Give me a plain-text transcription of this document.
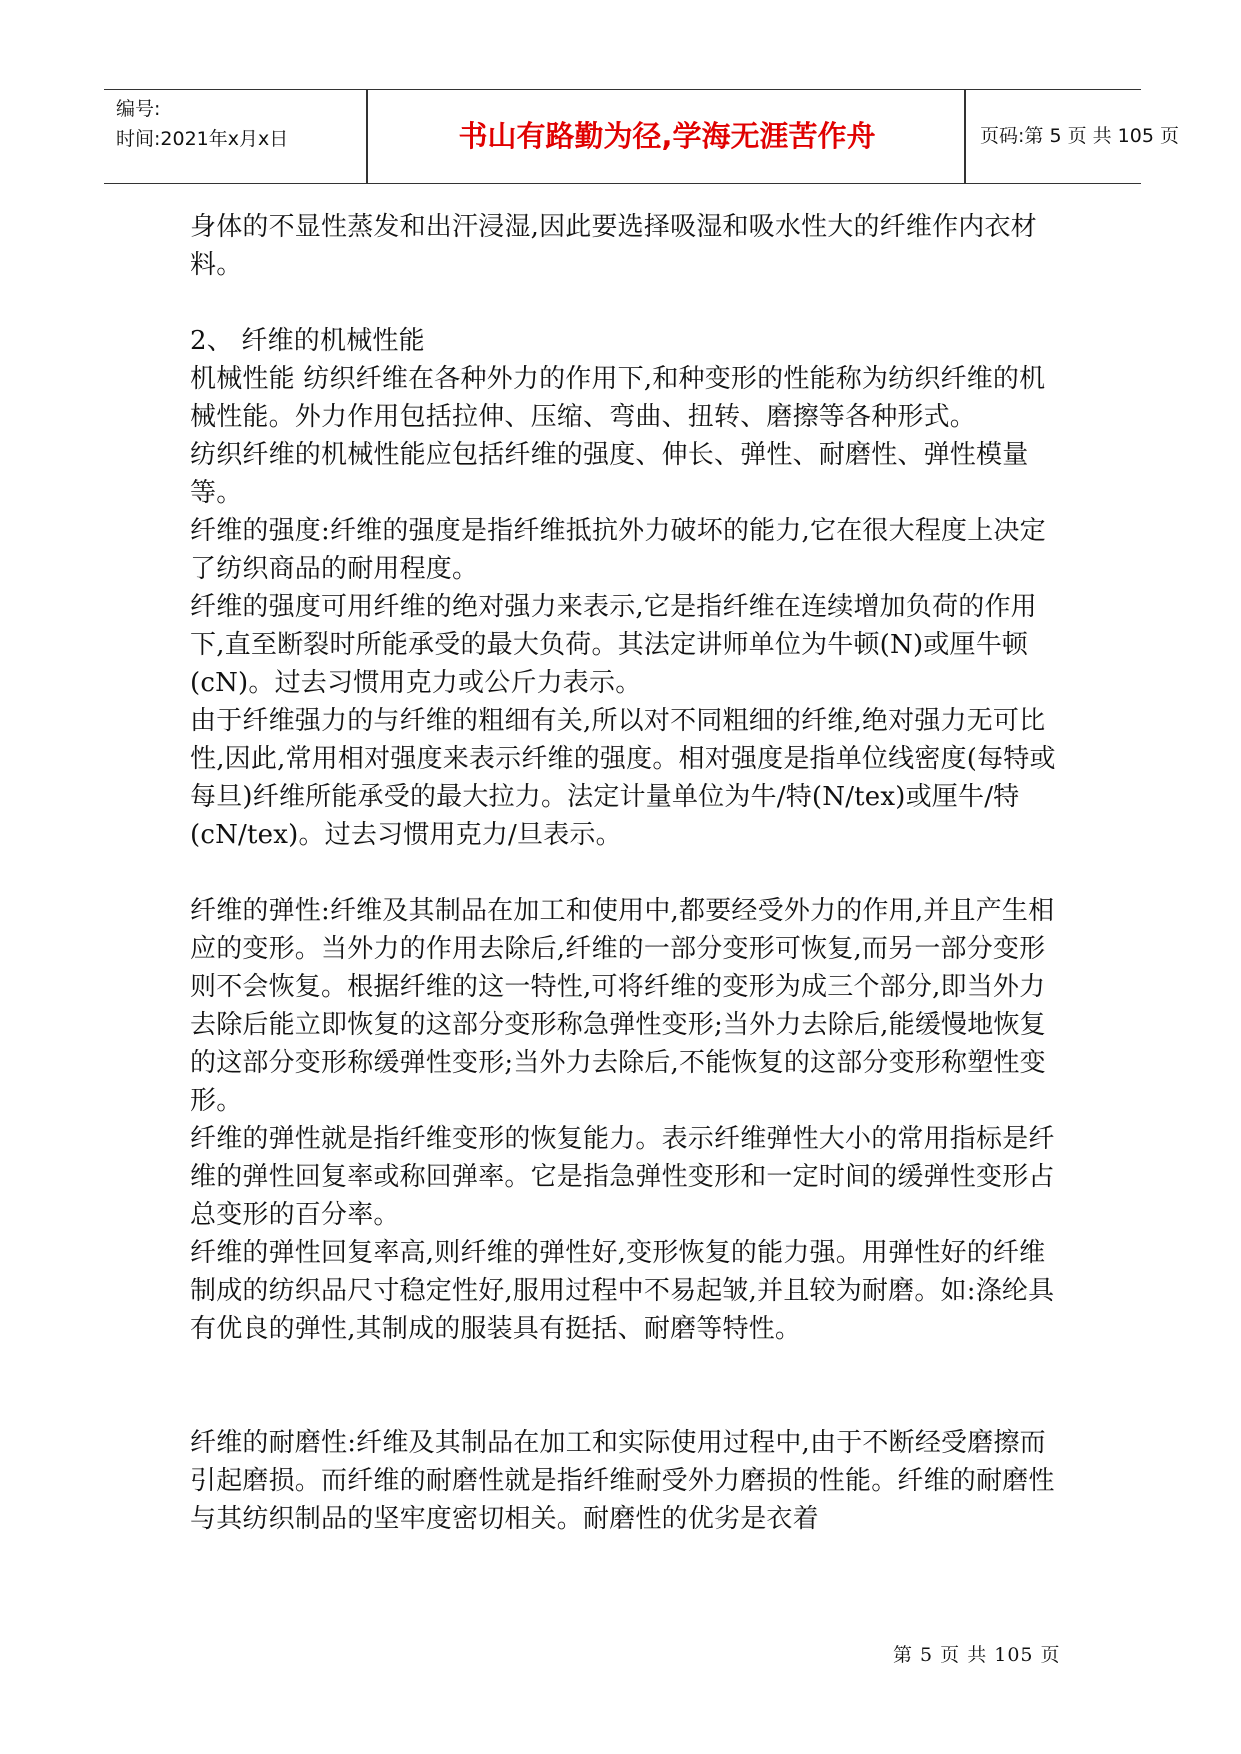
编号:
时间:2021年x月x日	书山有路勤为径,学海无涯苦作舟	页码:第 5 页 共 105 页

身体的不显性蒸发和出汗浸湿,因此要选择吸湿和吸水性大的纤维作内衣材料。

2、 纤维的机械性能

机械性能 纺织纤维在各种外力的作用下,和种变形的性能称为纺织纤维的机械性能。外力作用包括拉伸、压缩、弯曲、扭转、磨擦等各种形式。

纺织纤维的机械性能应包括纤维的强度、伸长、弹性、耐磨性、弹性模量等。

纤维的强度:纤维的强度是指纤维抵抗外力破坏的能力,它在很大程度上决定了纺织商品的耐用程度。

纤维的强度可用纤维的绝对强力来表示,它是指纤维在连续增加负荷的作用下,直至断裂时所能承受的最大负荷。其法定讲师单位为牛顿(N)或厘牛顿(cN)。过去习惯用克力或公斤力表示。

由于纤维强力的与纤维的粗细有关,所以对不同粗细的纤维,绝对强力无可比性,因此,常用相对强度来表示纤维的强度。相对强度是指单位线密度(每特或每旦)纤维所能承受的最大拉力。法定计量单位为牛/特(N/tex)或厘牛/特(cN/tex)。过去习惯用克力/旦表示。

纤维的弹性:纤维及其制品在加工和使用中,都要经受外力的作用,并且产生相应的变形。当外力的作用去除后,纤维的一部分变形可恢复,而另一部分变形则不会恢复。根据纤维的这一特性,可将纤维的变形为成三个部分,即当外力去除后能立即恢复的这部分变形称急弹性变形;当外力去除后,能缓慢地恢复的这部分变形称缓弹性变形;当外力去除后,不能恢复的这部分变形称塑性变形。

纤维的弹性就是指纤维变形的恢复能力。表示纤维弹性大小的常用指标是纤维的弹性回复率或称回弹率。它是指急弹性变形和一定时间的缓弹性变形占总变形的百分率。

纤维的弹性回复率高,则纤维的弹性好,变形恢复的能力强。用弹性好的纤维制成的纺织品尺寸稳定性好,服用过程中不易起皱,并且较为耐磨。如:涤纶具有优良的弹性,其制成的服装具有挺括、耐磨等特性。

纤维的耐磨性:纤维及其制品在加工和实际使用过程中,由于不断经受磨擦而引起磨损。而纤维的耐磨性就是指纤维耐受外力磨损的性能。纤维的耐磨性与其纺织制品的坚牢度密切相关。耐磨性的优劣是衣着

第 5 页 共 105 页
